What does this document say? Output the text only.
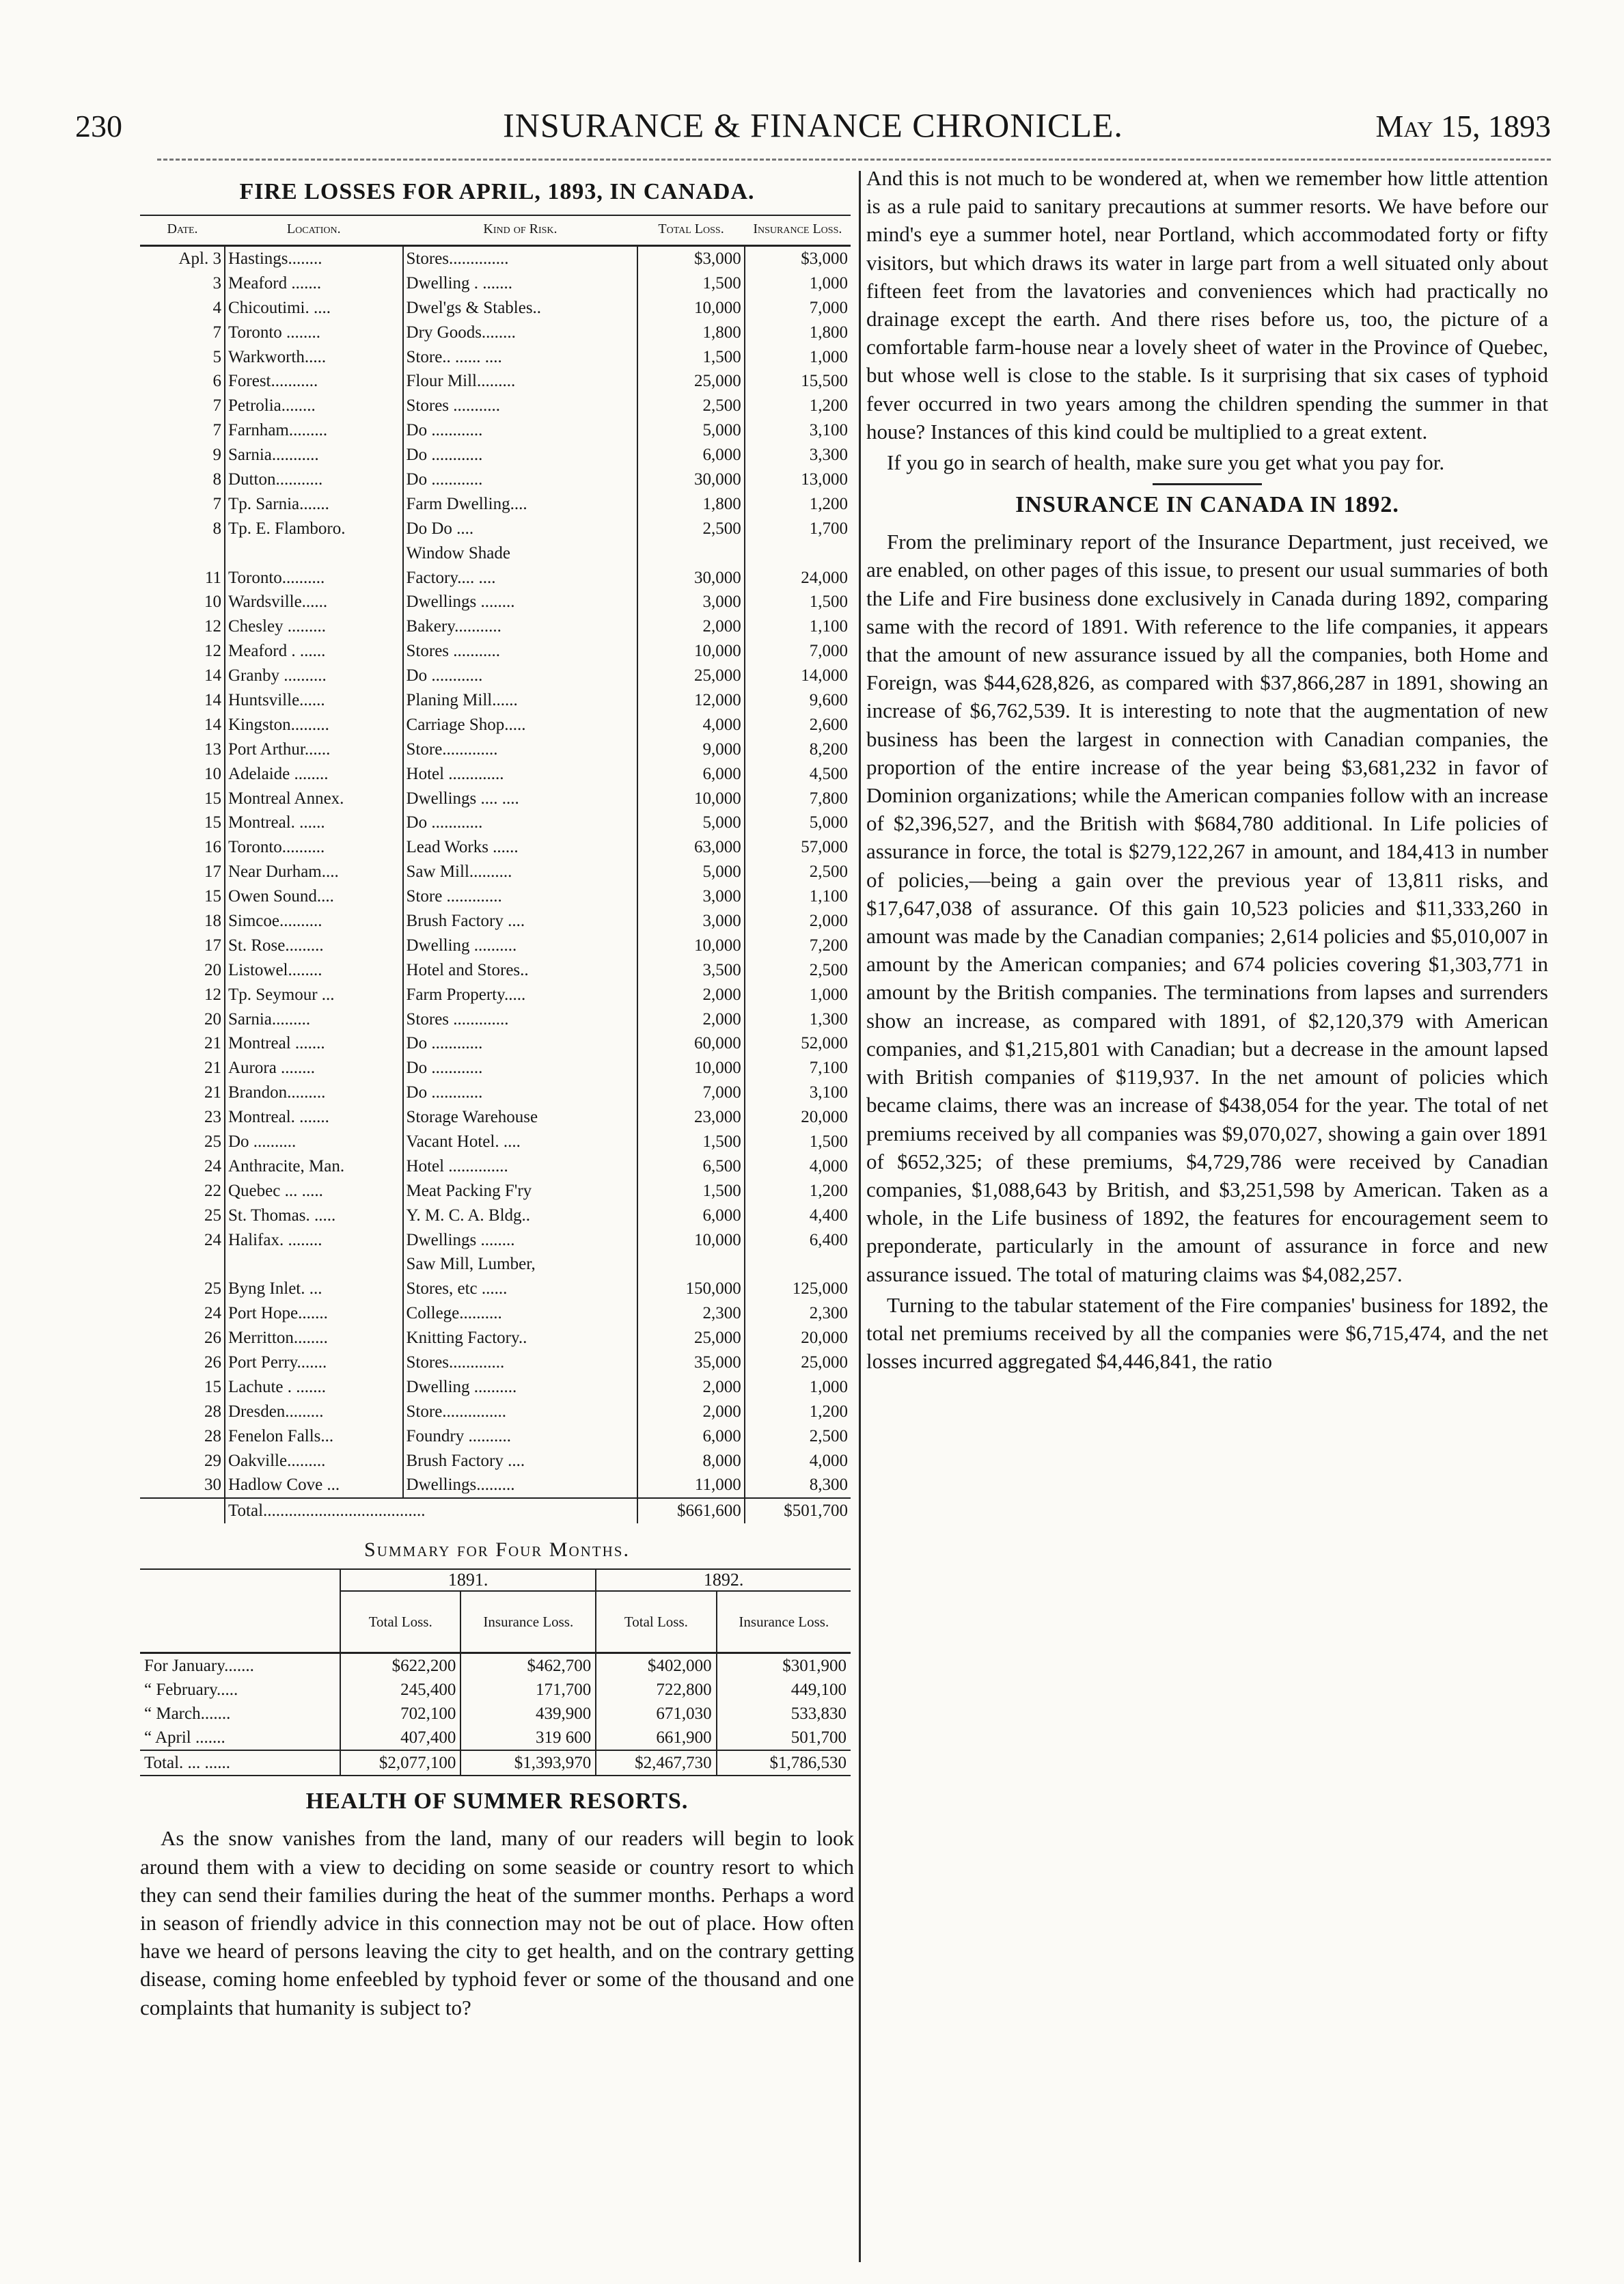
230	INSURANCE & FINANCE CHRONICLE.	May 15, 1893
FIRE LOSSES FOR APRIL, 1893, IN CANADA.
Date.	Location.	Kind of Risk.	Total Loss.	Insurance Loss.
Apl. 3	Hastings........	Stores..............	$3,000	$3,000
3	Meaford .......	Dwelling . .......	1,500	1,000
4	Chicoutimi. ....	Dwel'gs & Stables..	10,000	7,000
7	Toronto ........	Dry Goods........	1,800	1,800
5	Warkworth.....	Store.. ...... ....	1,500	1,000
6	Forest...........	Flour Mill.........	25,000	15,500
7	Petrolia........	Stores ...........	2,500	1,200
7	Farnham.........	Do ............	5,000	3,100
9	Sarnia...........	Do ............	6,000	3,300
8	Dutton...........	Do ............	30,000	13,000
7	Tp. Sarnia.......	Farm Dwelling....	1,800	1,200
8	Tp. E. Flamboro.	Do Do ....	2,500	1,700
		Window Shade		
11	Toronto..........	Factory.... ....	30,000	24,000
10	Wardsville......	Dwellings ........	3,000	1,500
12	Chesley .........	Bakery...........	2,000	1,100
12	Meaford . ......	Stores ...........	10,000	7,000
14	Granby ..........	Do ............	25,000	14,000
14	Huntsville......	Planing Mill......	12,000	9,600
14	Kingston.........	Carriage Shop.....	4,000	2,600
13	Port Arthur......	Store.............	9,000	8,200
10	Adelaide ........	Hotel .............	6,000	4,500
15	Montreal Annex.	Dwellings .... ....	10,000	7,800
15	Montreal. ......	Do ............	5,000	5,000
16	Toronto..........	Lead Works ......	63,000	57,000
17	Near Durham....	Saw Mill..........	5,000	2,500
15	Owen Sound....	Store .............	3,000	1,100
18	Simcoe..........	Brush Factory ....	3,000	2,000
17	St. Rose.........	Dwelling ..........	10,000	7,200
20	Listowel........	Hotel and Stores..	3,500	2,500
12	Tp. Seymour ...	Farm Property.....	2,000	1,000
20	Sarnia.........	Stores .............	2,000	1,300
21	Montreal .......	Do ............	60,000	52,000
21	Aurora ........	Do ............	10,000	7,100
21	Brandon.........	Do ............	7,000	3,100
23	Montreal. .......	Storage Warehouse	23,000	20,000
25	Do ..........	Vacant Hotel. ....	1,500	1,500
24	Anthracite, Man.	Hotel ..............	6,500	4,000
22	Quebec ... .....	Meat Packing F'ry	1,500	1,200
25	St. Thomas. .....	Y. M. C. A. Bldg..	6,000	4,400
24	Halifax. ........	Dwellings ........	10,000	6,400
		Saw Mill, Lumber,		
25	Byng Inlet. ...	Stores, etc ......	150,000	125,000
24	Port Hope.......	College..........	2,300	2,300
26	Merritton........	Knitting Factory..	25,000	20,000
26	Port Perry.......	Stores.............	35,000	25,000
15	Lachute . .......	Dwelling ..........	2,000	1,000
28	Dresden.........	Store...............	2,000	1,200
28	Fenelon Falls...	Foundry ..........	6,000	2,500
29	Oakville.........	Brush Factory ....	8,000	4,000
30	Hadlow Cove ...	Dwellings.........	11,000	8,300
	Total......................................		$661,600	$501,700
Summary for Four Months.
	1891.		1892.	
	Total Loss.	Insurance Loss.	Total Loss.	Insurance Loss.
For January.......	$622,200	$462,700	$402,000	$301,900
“ February.....	245,400	171,700	722,800	449,100
“ March.......	702,100	439,900	671,030	533,830
“ April .......	407,400	319 600	661,900	501,700
Total. ... ......	$2,077,100	$1,393,970	$2,467,730	$1,786,530
HEALTH OF SUMMER RESORTS.

As the snow vanishes from the land, many of our readers will begin to look around them with a view to deciding on some seaside or country resort to which they can send their families during the heat of the summer months. Perhaps a word in season of friendly advice in this connection may not be out of place. How often have we heard of persons leaving the city to get health, and on the contrary getting disease, coming home enfeebled by typhoid fever or some of the thousand and one complaints that humanity is subject to?

And this is not much to be wondered at, when we remember how little attention is as a rule paid to sanitary precautions at summer resorts. We have before our mind's eye a summer hotel, near Portland, which accommodated forty or fifty visitors, but which draws its water in large part from a well situated only about fifteen feet from the lavatories and conveniences which had practically no drainage except the earth. And there rises before us, too, the picture of a comfortable farm-house near a lovely sheet of water in the Province of Quebec, but whose well is close to the stable. Is it surprising that six cases of typhoid fever occurred in two years among the children spending the summer in that house? Instances of this kind could be multiplied to a great extent.

If you go in search of health, make sure you get what you pay for.

INSURANCE IN CANADA IN 1892.

From the preliminary report of the Insurance Department, just received, we are enabled, on other pages of this issue, to present our usual summaries of both the Life and Fire business done exclusively in Canada during 1892, comparing same with the record of 1891. With reference to the life companies, it appears that the amount of new assurance issued by all the companies, both Home and Foreign, was $44,628,826, as compared with $37,866,287 in 1891, showing an increase of $6,762,539. It is interesting to note that the augmentation of new business has been the largest in connection with Canadian companies, the proportion of the entire increase of the year being $3,681,232 in favor of Dominion organizations; while the American companies follow with an increase of $2,396,527, and the British with $684,780 additional. In Life policies of assurance in force, the total is $279,122,267 in amount, and 184,413 in number of policies,—being a gain over the previous year of 13,811 risks, and $17,647,038 of assurance. Of this gain 10,523 policies and $11,333,260 in amount was made by the Canadian companies; 2,614 policies and $5,010,007 in amount by the American companies; and 674 policies covering $1,303,771 in amount by the British companies. The terminations from lapses and surrenders show an increase, as compared with 1891, of $2,120,379 with American companies, and $1,215,801 with Canadian; but a decrease in the amount lapsed with British companies of $119,937. In the net amount of policies which became claims, there was an increase of $438,054 for the year. The total of net premiums received by all companies was $9,070,027, showing a gain over 1891 of $652,325; of these premiums, $4,729,786 were received by Canadian companies, $1,088,643 by British, and $3,251,598 by American. Taken as a whole, in the Life business of 1892, the features for encouragement seem to preponderate, particularly in the amount of assurance in force and new assurance issued. The total of maturing claims was $4,082,257.

Turning to the tabular statement of the Fire companies' business for 1892, the total net premiums received by all the companies were $6,715,474, and the net losses incurred aggregated $4,446,841, the ratio
